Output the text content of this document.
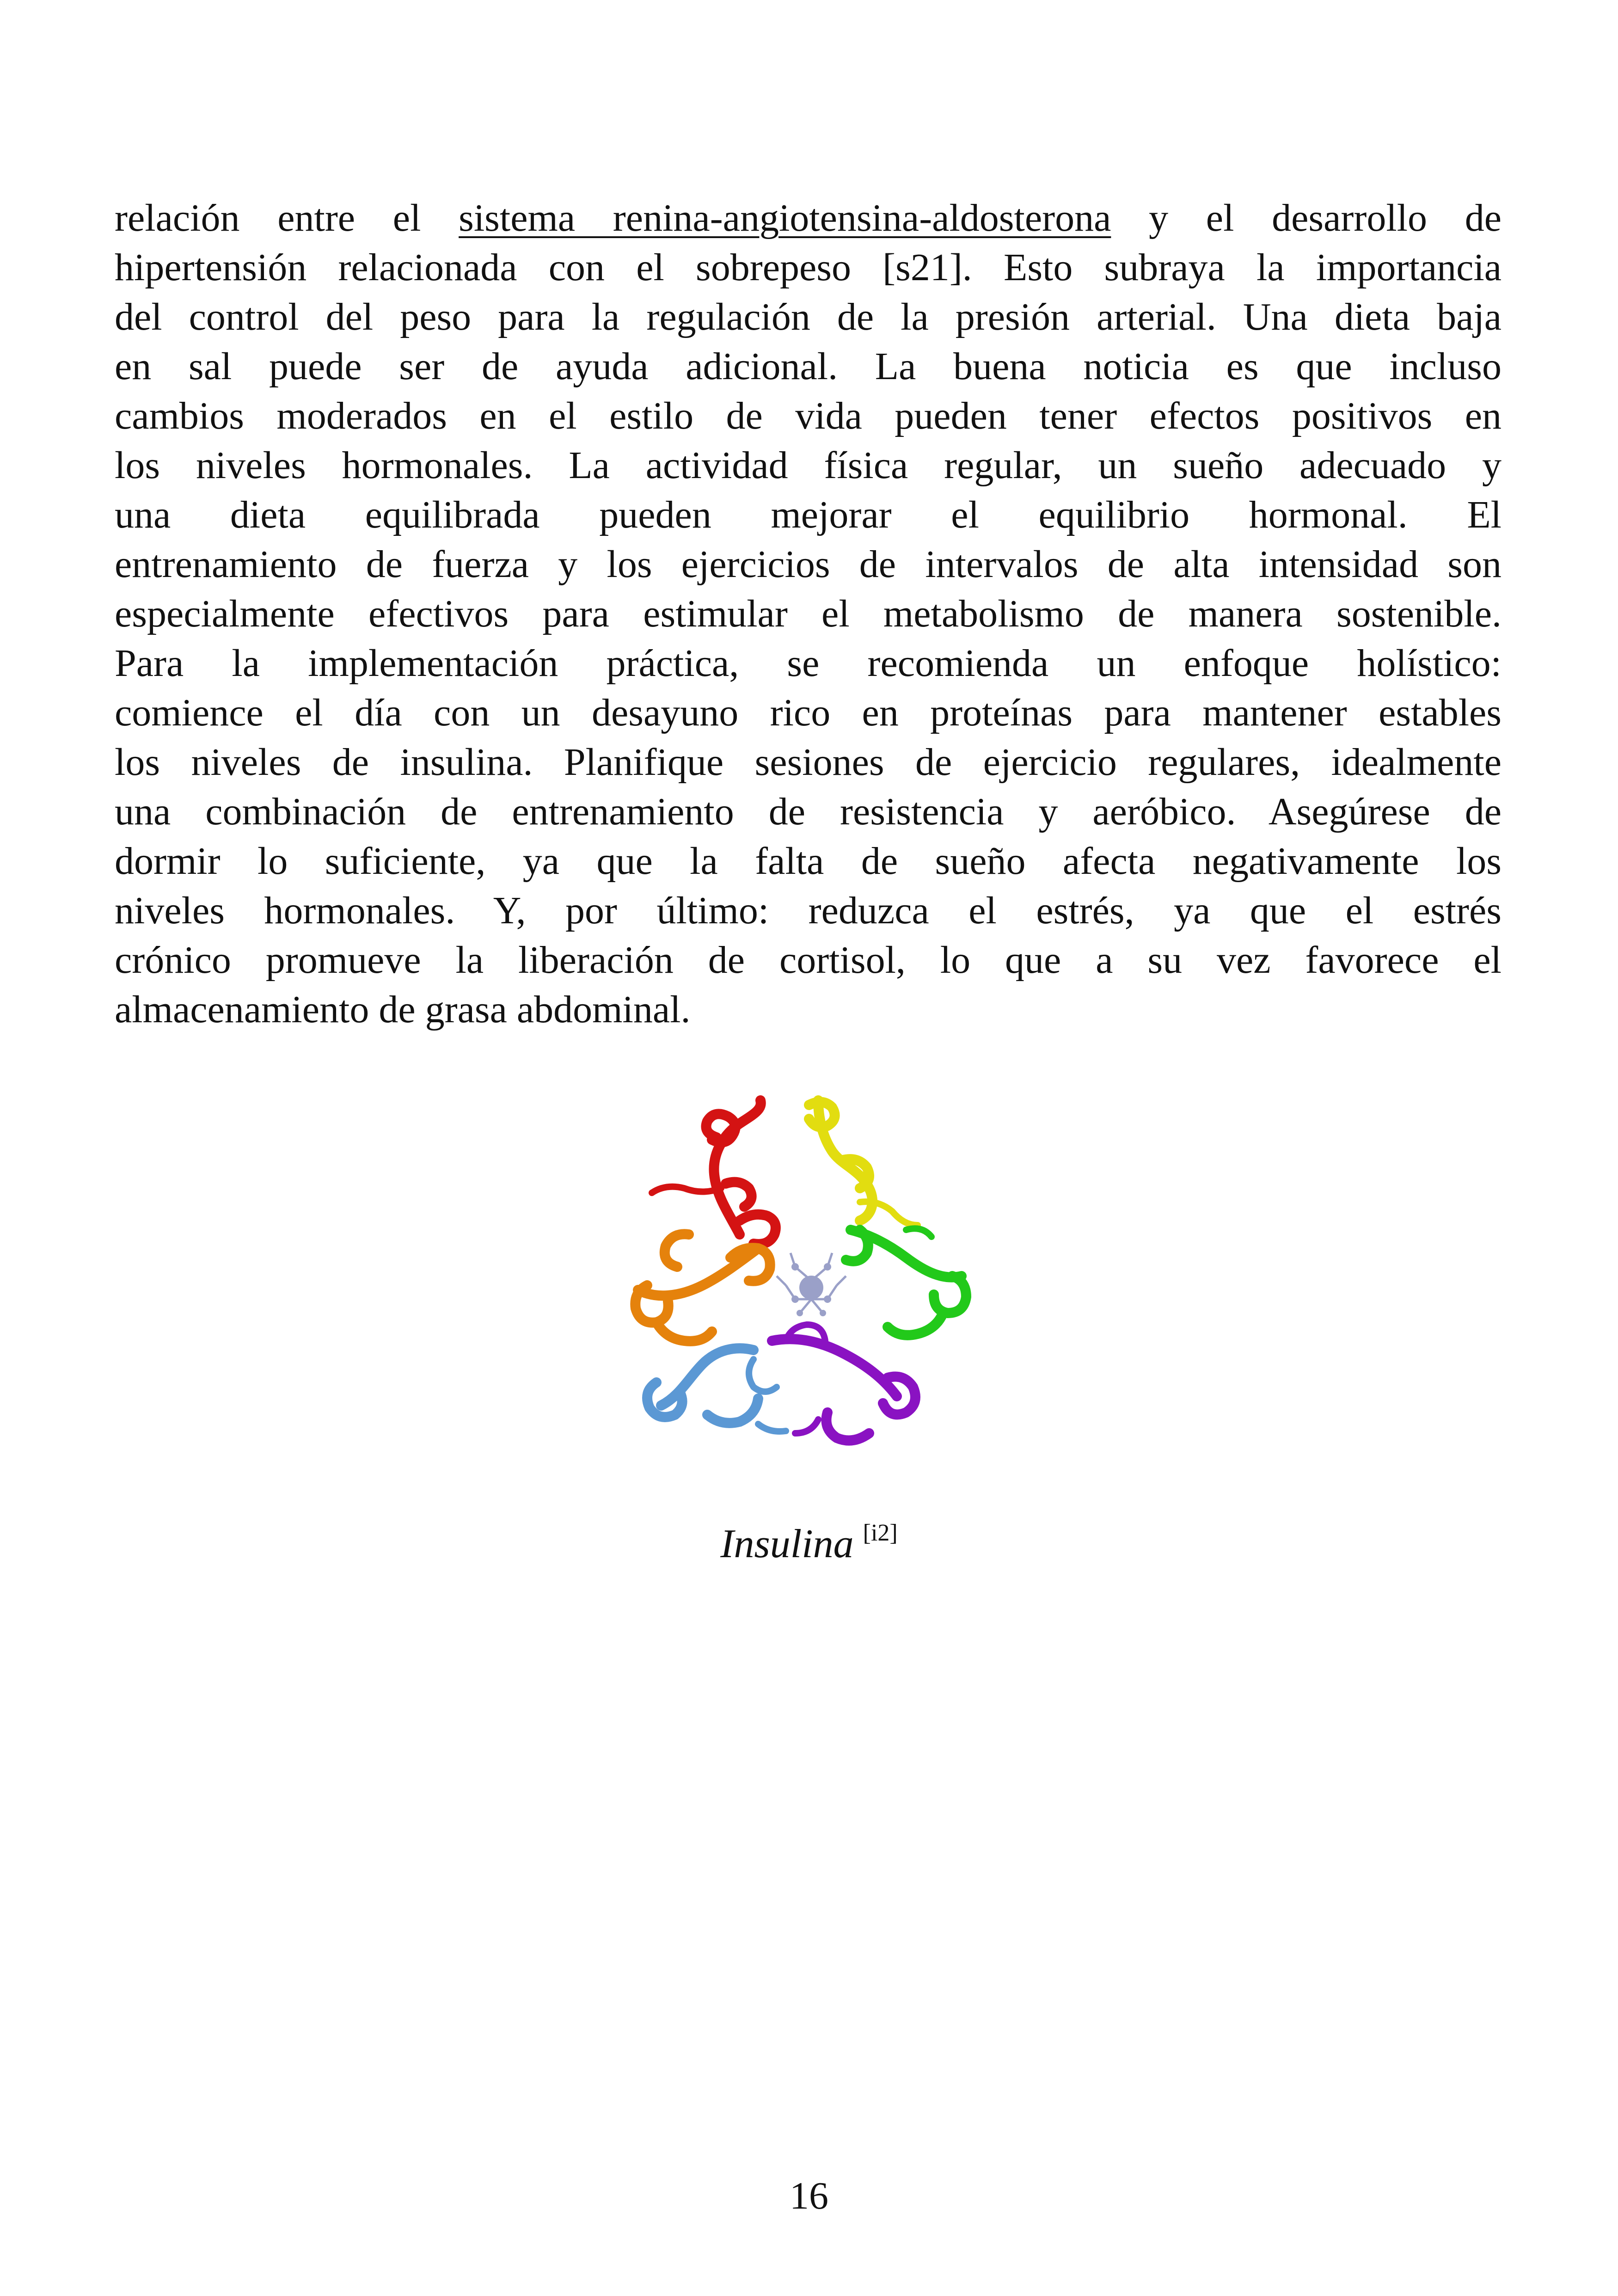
relación entre el sistema renina-angiotensina-aldosterona y el desarrollo de
hipertensión relacionada con el sobrepeso [s21]. Esto subraya la importancia
del control del peso para la regulación de la presión arterial. Una dieta baja
en sal puede ser de ayuda adicional. La buena noticia es que incluso
cambios moderados en el estilo de vida pueden tener efectos positivos en
los niveles hormonales. La actividad física regular, un sueño adecuado y
una dieta equilibrada pueden mejorar el equilibrio hormonal. El
entrenamiento de fuerza y los ejercicios de intervalos de alta intensidad son
especialmente efectivos para estimular el metabolismo de manera sostenible.
Para la implementación práctica, se recomienda un enfoque holístico:
comience el día con un desayuno rico en proteínas para mantener estables
los niveles de insulina. Planifique sesiones de ejercicio regulares, idealmente
una combinación de entrenamiento de resistencia y aeróbico. Asegúrese de
dormir lo suficiente, ya que la falta de sueño afecta negativamente los
niveles hormonales. Y, por último: reduzca el estrés, ya que el estrés
crónico promueve la liberación de cortisol, lo que a su vez favorece el
almacenamiento de grasa abdominal.
Insulina [i2]
16
